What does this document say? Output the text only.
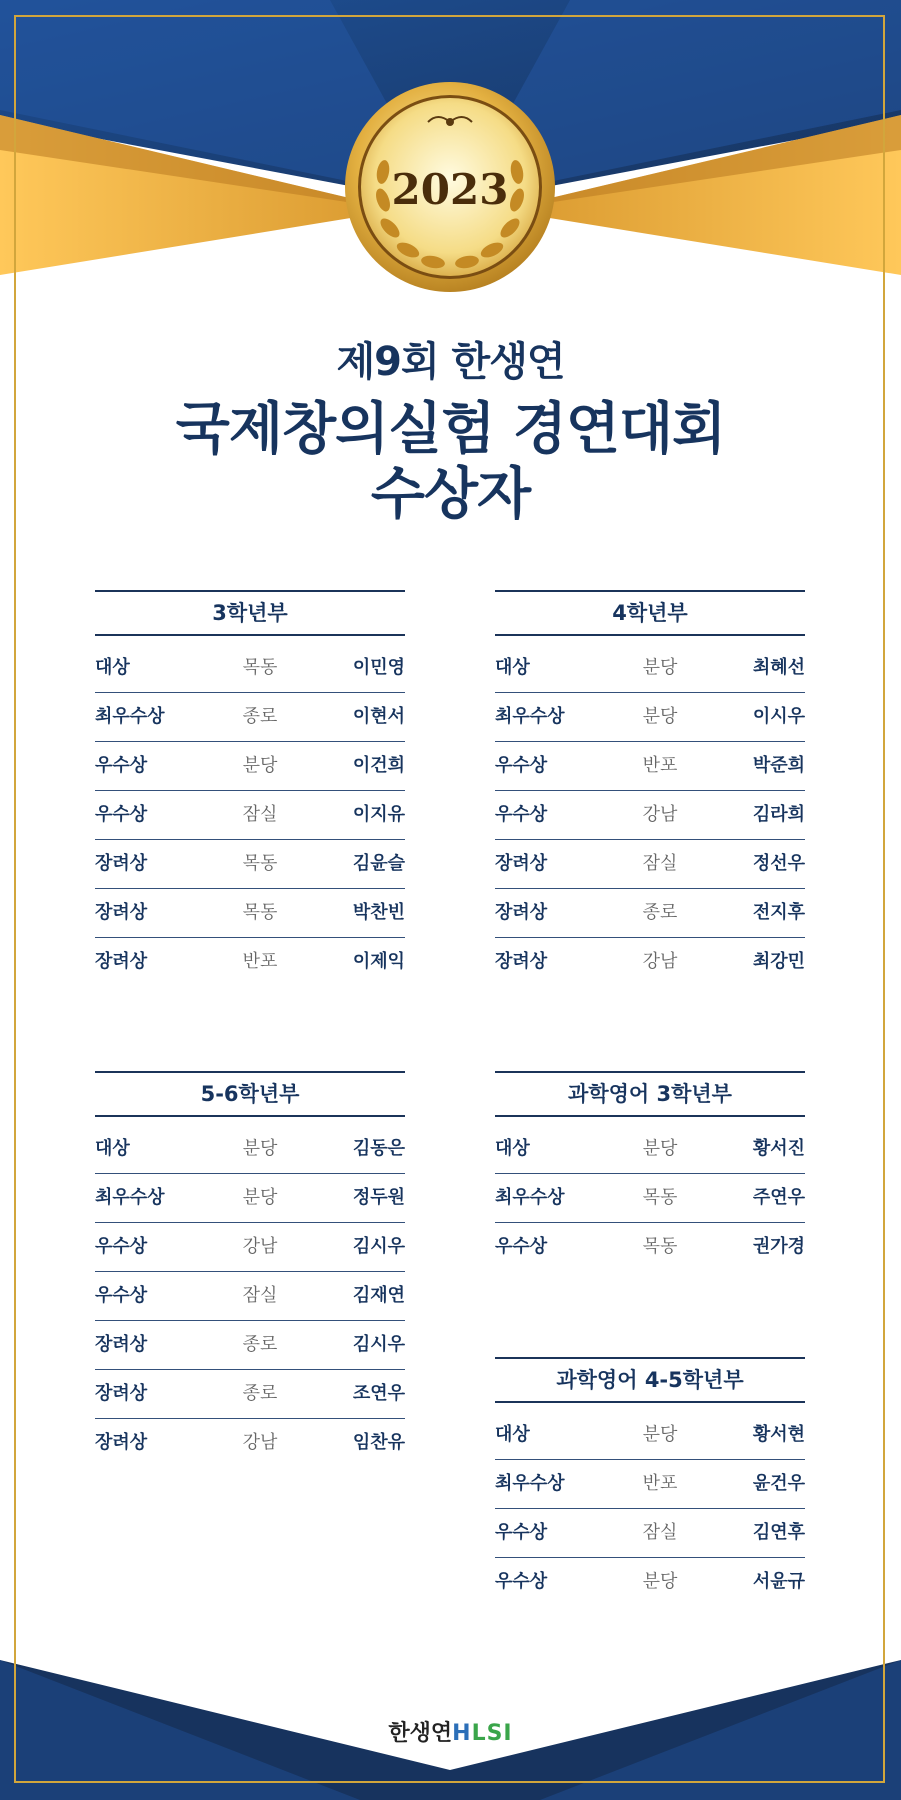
2023
제9회 한생연
국제창의실험 경연대회
수상자
3학년부
대상	목동	이민영
최우수상	종로	이현서
우수상	분당	이건희
우수상	잠실	이지유
장려상	목동	김윤슬
장려상	목동	박찬빈
장려상	반포	이제익
4학년부
대상	분당	최혜선
최우수상	분당	이시우
우수상	반포	박준희
우수상	강남	김라희
장려상	잠실	정선우
장려상	종로	전지후
장려상	강남	최강민
5-6학년부
대상	분당	김동은
최우수상	분당	정두원
우수상	강남	김시우
우수상	잠실	김재연
장려상	종로	김시우
장려상	종로	조연우
장려상	강남	임찬유
과학영어 3학년부
대상	분당	황서진
최우수상	목동	주연우
우수상	목동	권가경
과학영어 4-5학년부
대상	분당	황서현
최우수상	반포	윤건우
우수상	잠실	김연후
우수상	분당	서윤규
한생연HLSI
